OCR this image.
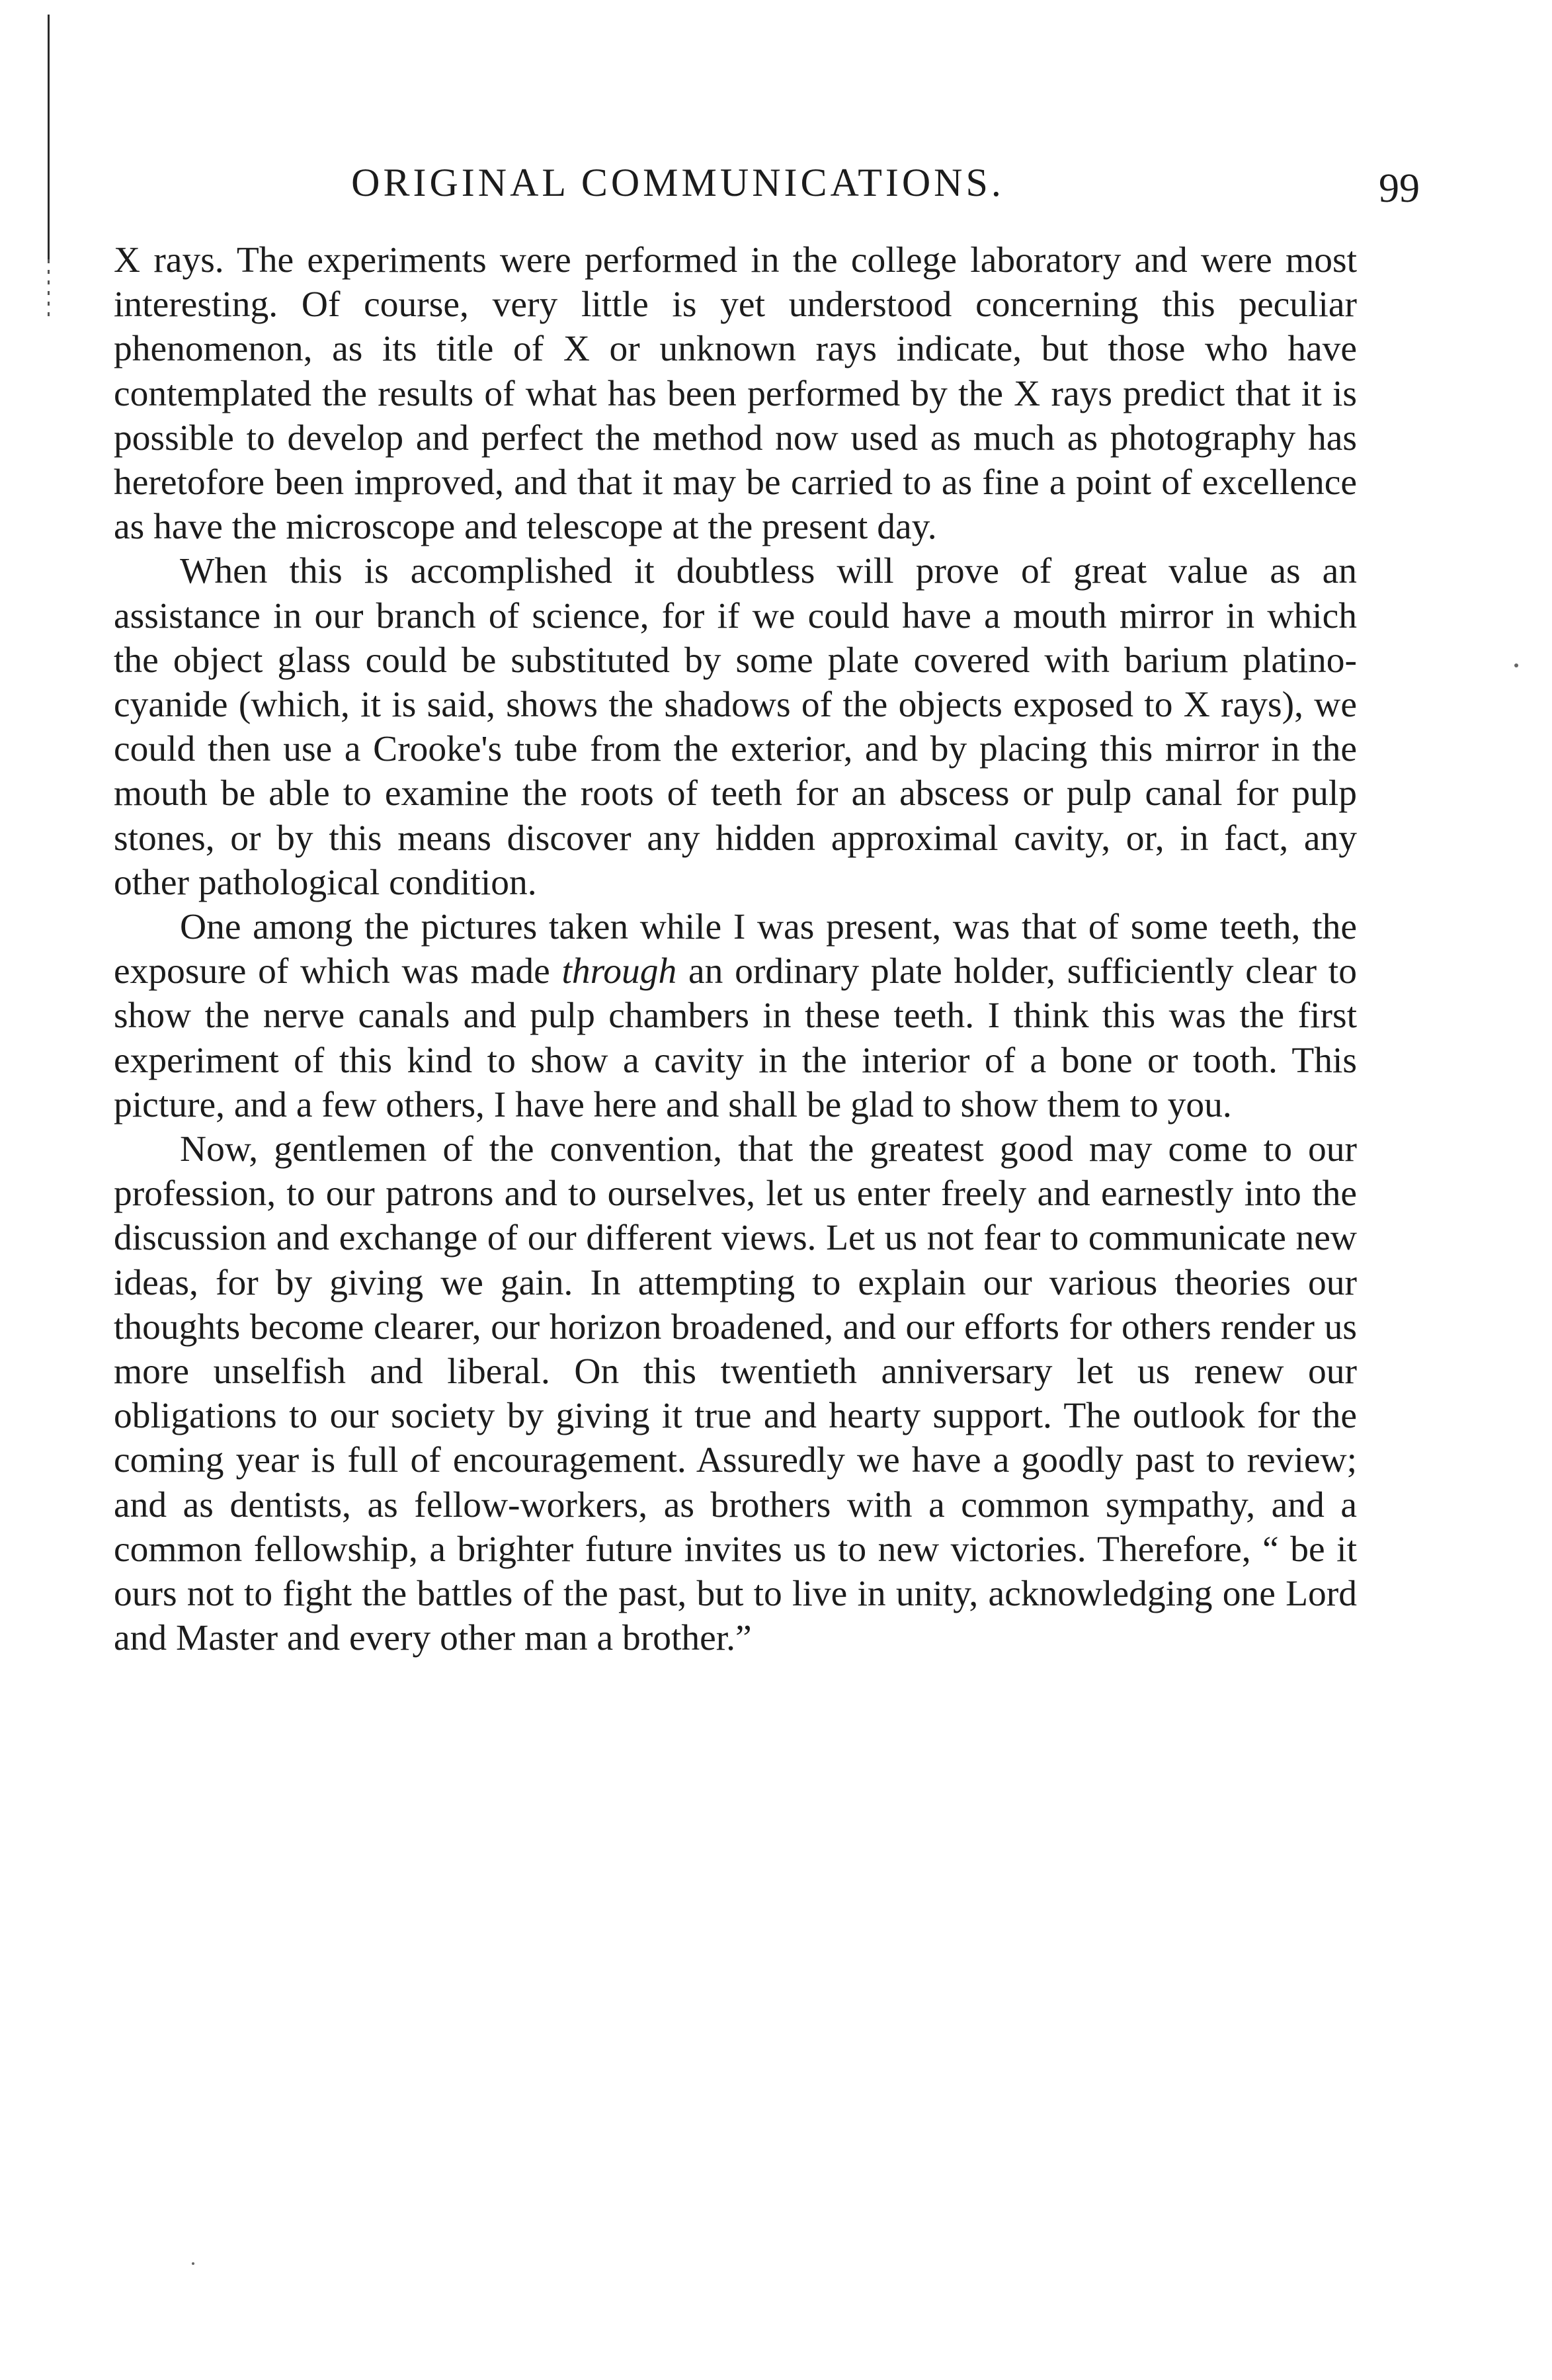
ORIGINAL COMMUNICATIONS.	99

X rays. The experiments were performed in the college laboratory and were most interesting. Of course, very little is yet understood concerning this peculiar phenomenon, as its title of X or unknown rays indicate, but those who have contemplated the results of what has been performed by the X rays predict that it is possible to develop and perfect the method now used as much as photography has heretofore been improved, and that it may be carried to as fine a point of excellence as have the microscope and telescope at the present day.

When this is accomplished it doubtless will prove of great value as an assistance in our branch of science, for if we could have a mouth mirror in which the object glass could be substituted by some plate covered with barium platino-cyanide (which, it is said, shows the shadows of the objects exposed to X rays), we could then use a Crooke's tube from the exterior, and by placing this mirror in the mouth be able to examine the roots of teeth for an abscess or pulp canal for pulp stones, or by this means discover any hidden approximal cavity, or, in fact, any other pathological condition.

One among the pictures taken while I was present, was that of some teeth, the exposure of which was made through an ordinary plate holder, sufficiently clear to show the nerve canals and pulp chambers in these teeth. I think this was the first experiment of this kind to show a cavity in the interior of a bone or tooth. This picture, and a few others, I have here and shall be glad to show them to you.

Now, gentlemen of the convention, that the greatest good may come to our profession, to our patrons and to ourselves, let us enter freely and earnestly into the discussion and exchange of our different views. Let us not fear to communicate new ideas, for by giving we gain. In attempting to explain our various theories our thoughts become clearer, our horizon broadened, and our efforts for others render us more unselfish and liberal. On this twentieth anniversary let us renew our obligations to our society by giving it true and hearty support. The outlook for the coming year is full of encouragement. Assuredly we have a goodly past to review; and as dentists, as fellow-workers, as brothers with a common sympathy, and a common fellowship, a brighter future invites us to new victories. Therefore, “ be it ours not to fight the battles of the past, but to live in unity, acknowledging one Lord and Master and every other man a brother.”
